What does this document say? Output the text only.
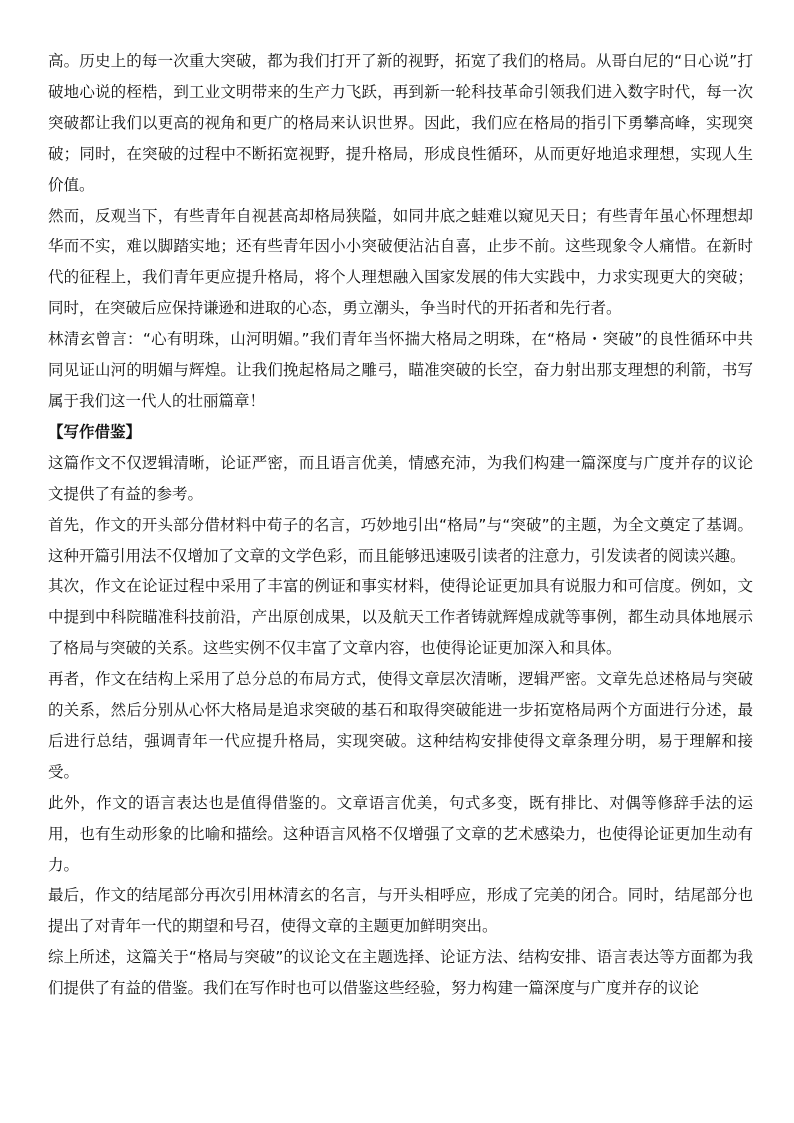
高。历史上的每一次重大突破，都为我们打开了新的视野，拓宽了我们的格局。从哥白尼的“日心说”打破地心说的桎梏，到工业文明带来的生产力飞跃，再到新一轮科技革命引领我们进入数字时代，每一次突破都让我们以更高的视角和更广的格局来认识世界。因此，我们应在格局的指引下勇攀高峰，实现突破；同时，在突破的过程中不断拓宽视野，提升格局，形成良性循环，从而更好地追求理想，实现人生价值。

然而，反观当下，有些青年自视甚高却格局狭隘，如同井底之蛙难以窥见天日；有些青年虽心怀理想却华而不实，难以脚踏实地；还有些青年因小小突破便沾沾自喜，止步不前。这些现象令人痛惜。在新时代的征程上，我们青年更应提升格局，将个人理想融入国家发展的伟大实践中，力求实现更大的突破；同时，在突破后应保持谦逊和进取的心态，勇立潮头，争当时代的开拓者和先行者。

林清玄曾言：“心有明珠，山河明媚。”我们青年当怀揣大格局之明珠，在“格局・突破”的良性循环中共同见证山河的明媚与辉煌。让我们挽起格局之雕弓，瞄准突破的长空，奋力射出那支理想的利箭，书写属于我们这一代人的壮丽篇章！

【写作借鉴】

这篇作文不仅逻辑清晰，论证严密，而且语言优美，情感充沛，为我们构建一篇深度与广度并存的议论文提供了有益的参考。

首先，作文的开头部分借材料中荀子的名言，巧妙地引出“格局”与“突破”的主题，为全文奠定了基调。这种开篇引用法不仅增加了文章的文学色彩，而且能够迅速吸引读者的注意力，引发读者的阅读兴趣。

其次，作文在论证过程中采用了丰富的例证和事实材料，使得论证更加具有说服力和可信度。例如，文中提到中科院瞄准科技前沿，产出原创成果，以及航天工作者铸就辉煌成就等事例，都生动具体地展示了格局与突破的关系。这些实例不仅丰富了文章内容，也使得论证更加深入和具体。

再者，作文在结构上采用了总分总的布局方式，使得文章层次清晰，逻辑严密。文章先总述格局与突破的关系，然后分别从心怀大格局是追求突破的基石和取得突破能进一步拓宽格局两个方面进行分述，最后进行总结，强调青年一代应提升格局，实现突破。这种结构安排使得文章条理分明，易于理解和接受。

此外，作文的语言表达也是值得借鉴的。文章语言优美，句式多变，既有排比、对偶等修辞手法的运用，也有生动形象的比喻和描绘。这种语言风格不仅增强了文章的艺术感染力，也使得论证更加生动有力。

最后，作文的结尾部分再次引用林清玄的名言，与开头相呼应，形成了完美的闭合。同时，结尾部分也提出了对青年一代的期望和号召，使得文章的主题更加鲜明突出。

综上所述，这篇关于“格局与突破”的议论文在主题选择、论证方法、结构安排、语言表达等方面都为我们提供了有益的借鉴。我们在写作时也可以借鉴这些经验，努力构建一篇深度与广度并存的议论
